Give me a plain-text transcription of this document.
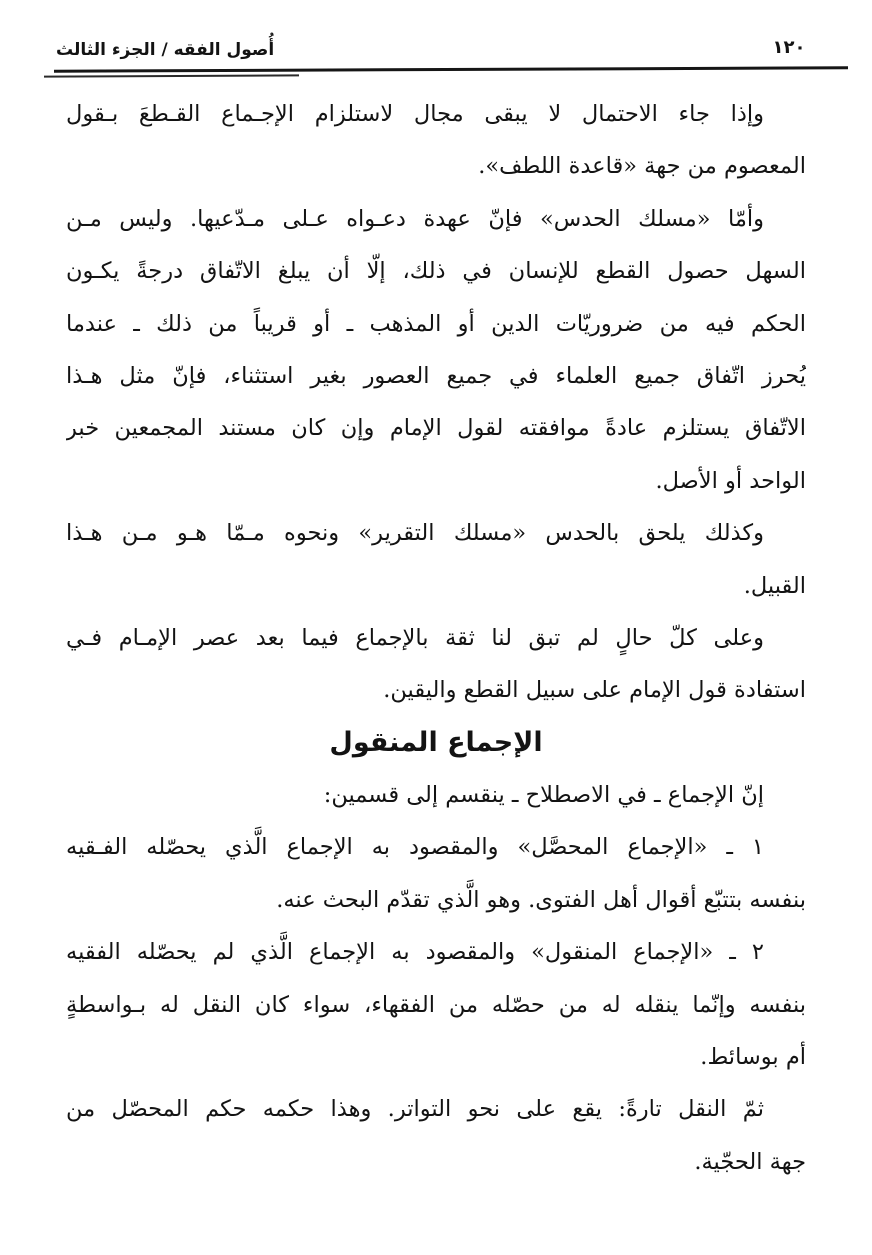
أُصول الفقه / الجزء الثالث	١٢٠
وإذا جاء الاحتمال لا يبقى مجال لاستلزام الإجـماع القـطعَ بـقول
المعصوم من جهة «قاعدة اللطف».
وأمّا «مسلك الحدس» فإنّ عهدة دعـواه عـلى مـدّعيها. وليس مـن
السهل حصول القطع للإنسان في ذلك، إلّا أن يبلغ الاتّفاق درجةً يكـون
الحكم فيه من ضروريّات الدين أو المذهب ـ أو قريباً من ذلك ـ عندما
يُحرز اتّفاق جميع العلماء في جميع العصور بغير استثناء، فإنّ مثل هـذا
الاتّفاق يستلزم عادةً موافقته لقول الإمام وإن كان مستند المجمعين خبر
الواحد أو الأصل.
وكذلك يلحق بالحدس «مسلك التقرير» ونحوه مـمّا هـو مـن هـذا
القبيل.
وعلى كلّ حالٍ لم تبق لنا ثقة بالإجماع فيما بعد عصر الإمـام فـي
استفادة قول الإمام على سبيل القطع واليقين.
الإجماع المنقول
إنّ الإجماع ـ في الاصطلاح ـ ينقسم إلى قسمين:
١ ـ «الإجماع المحصَّل» والمقصود به الإجماع الَّذي يحصّله الفـقيه
بنفسه بتتبّع أقوال أهل الفتوى. وهو الَّذي تقدّم البحث عنه.
٢ ـ «الإجماع المنقول» والمقصود به الإجماع الَّذي لم يحصّله الفقيه
بنفسه وإنّما ينقله له من حصّله من الفقهاء، سواء كان النقل له بـواسطةٍ
أم بوسائط.
ثمّ النقل تارةً: يقع على نحو التواتر. وهذا حكمه حكم المحصّل من
جهة الحجّية.
